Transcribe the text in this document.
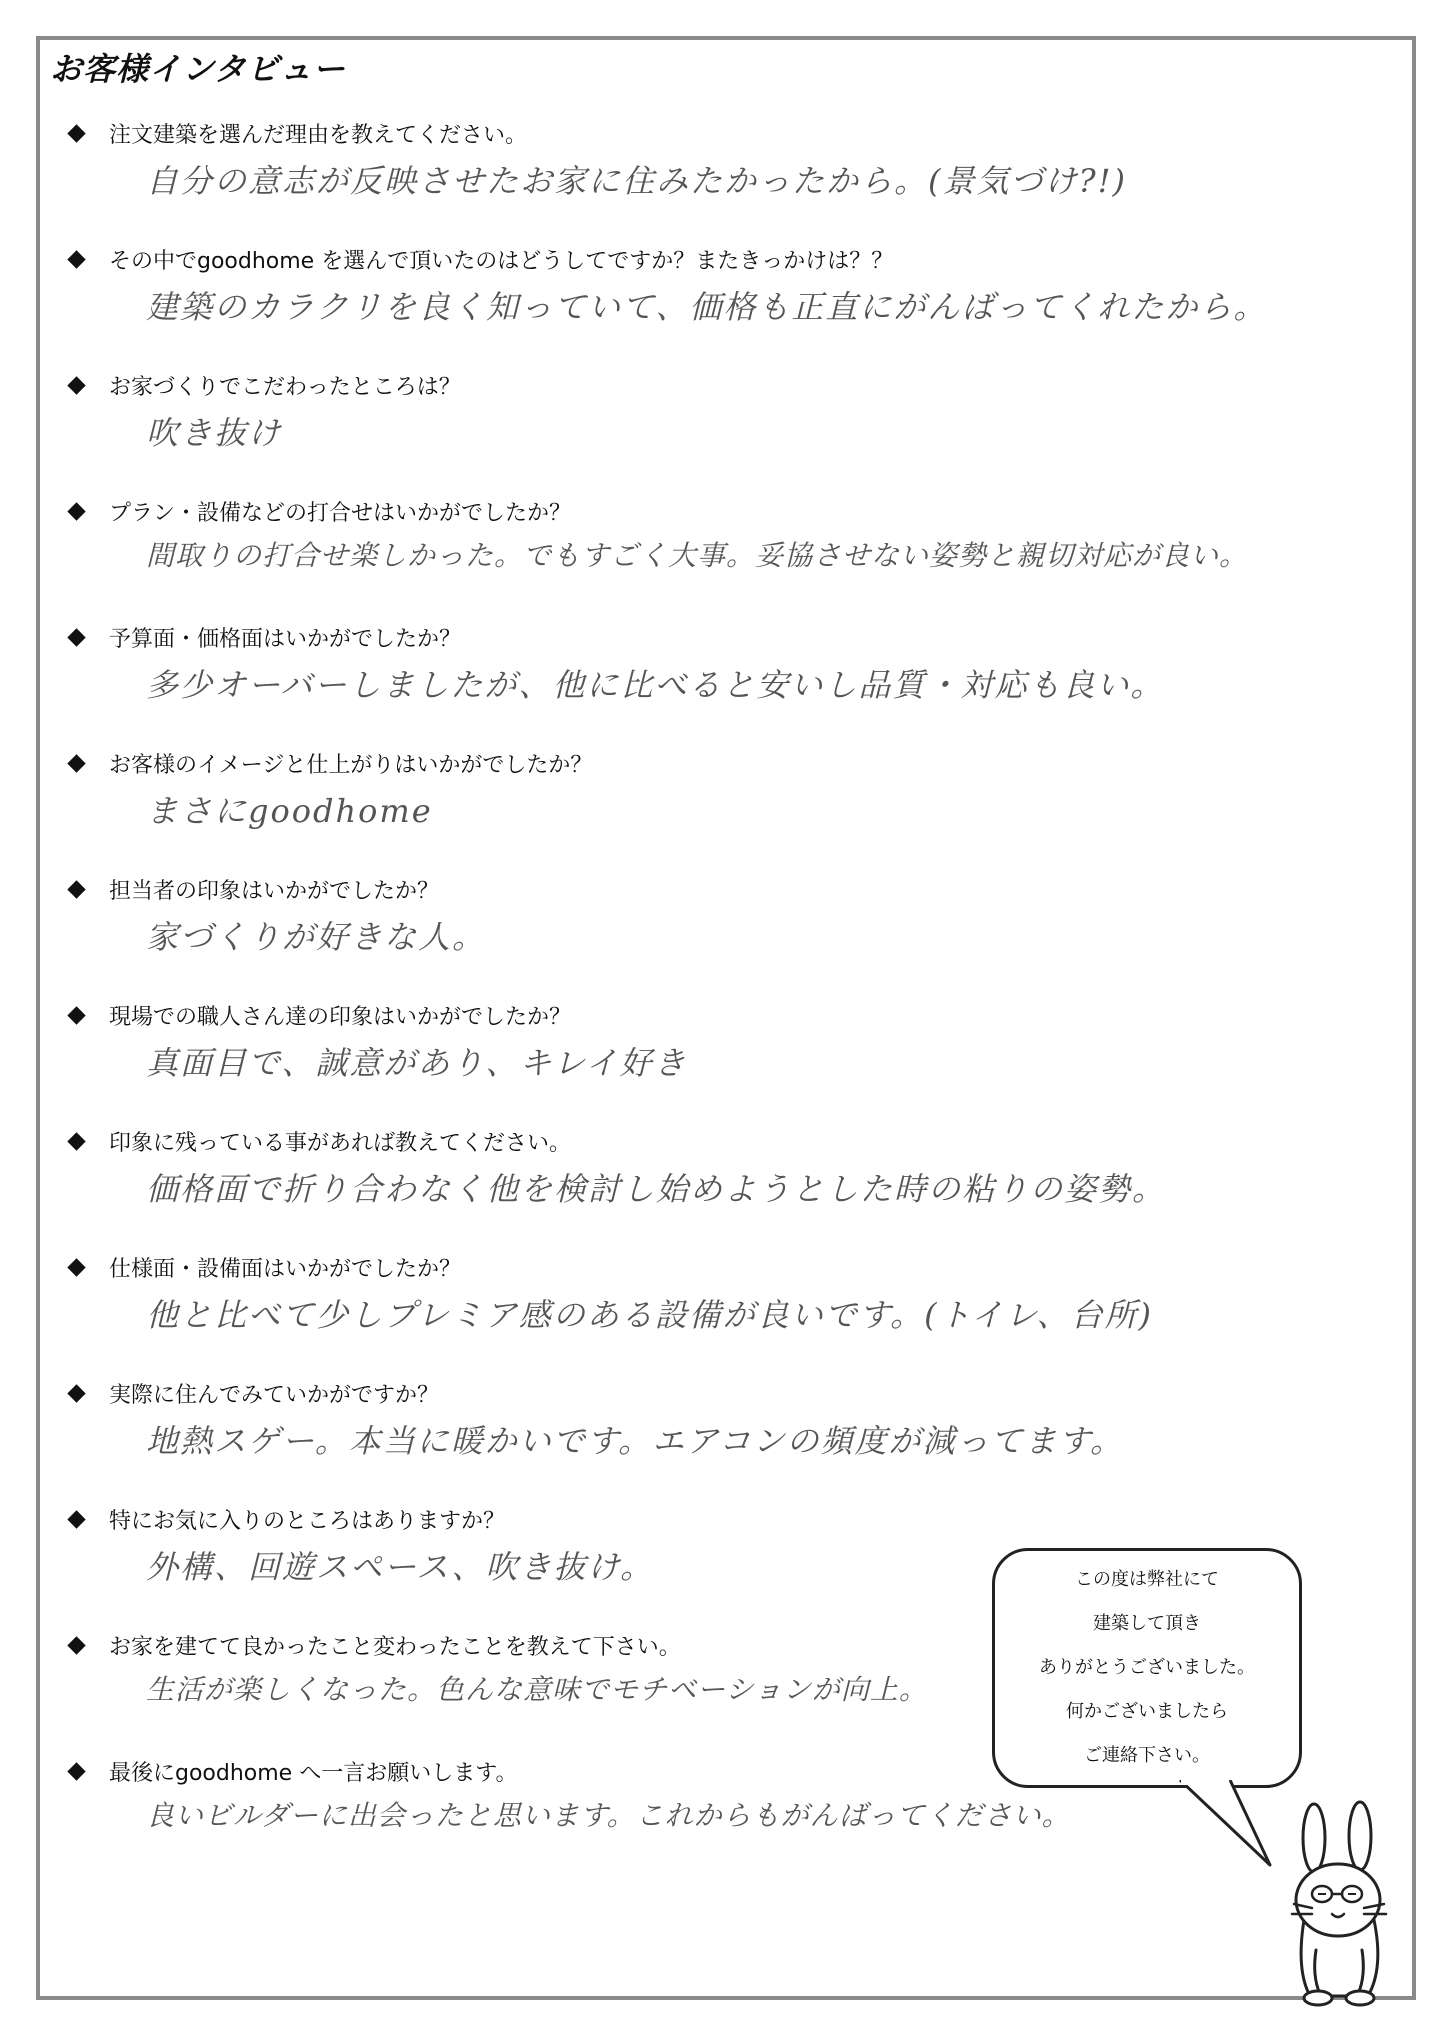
お客様インタビュー
注文建築を選んだ理由を教えてください。
自分の意志が反映させたお家に住みたかったから。(景気づけ?!)
その中でgoodhome を選んで頂いたのはどうしてですか？またきっかけは？？
建築のカラクリを良く知っていて、価格も正直にがんばってくれたから。
お家づくりでこだわったところは？
吹き抜け
プラン・設備などの打合せはいかがでしたか？
間取りの打合せ楽しかった。でもすごく大事。妥協させない姿勢と親切対応が良い。
予算面・価格面はいかがでしたか？
多少オーバーしましたが、他に比べると安いし品質・対応も良い。
お客様のイメージと仕上がりはいかがでしたか？
まさにgoodhome
担当者の印象はいかがでしたか？
家づくりが好きな人。
現場での職人さん達の印象はいかがでしたか？
真面目で、誠意があり、キレイ好き
印象に残っている事があれば教えてください。
価格面で折り合わなく他を検討し始めようとした時の粘りの姿勢。
仕様面・設備面はいかがでしたか？
他と比べて少しプレミア感のある設備が良いです。(トイレ、台所)
実際に住んでみていかがですか？
地熱スゲー。本当に暖かいです。エアコンの頻度が減ってます。
特にお気に入りのところはありますか？
外構、回遊スペース、吹き抜け。
お家を建てて良かったこと変わったことを教えて下さい。
生活が楽しくなった。色んな意味でモチベーションが向上。
最後にgoodhome へ一言お願いします。
良いビルダーに出会ったと思います。これからもがんばってください。
この度は弊社にて
建築して頂き
ありがとうございました。
何かございましたら
ご連絡下さい。
